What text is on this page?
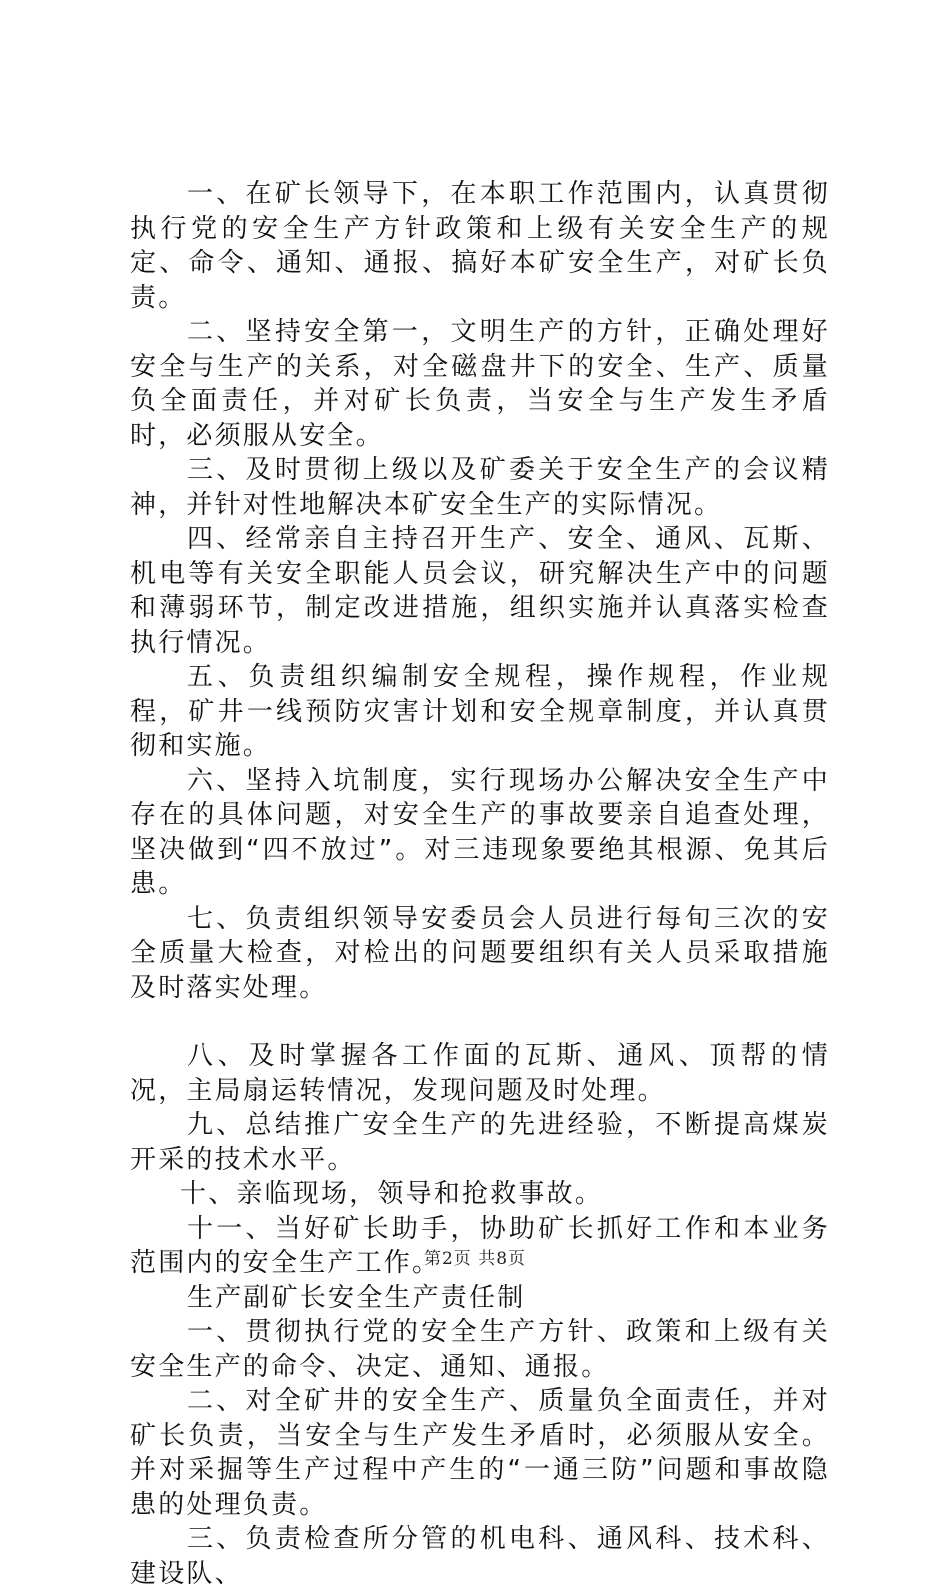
一、在矿长领导下，在本职工作范围内，认真贯彻执行党的安全生产方针政策和上级有关安全生产的规定、命令、通知、通报、搞好本矿安全生产，对矿长负责。

二、坚持安全第一，文明生产的方针，正确处理好安全与生产的关系，对全磁盘井下的安全、生产、质量负全面责任，并对矿长负责，当安全与生产发生矛盾时，必须服从安全。

三、及时贯彻上级以及矿委关于安全生产的会议精神，并针对性地解决本矿安全生产的实际情况。

四、经常亲自主持召开生产、安全、通风、瓦斯、机电等有关安全职能人员会议，研究解决生产中的问题和薄弱环节，制定改进措施，组织实施并认真落实检查执行情况。

五、负责组织编制安全规程，操作规程，作业规程，矿井一线预防灾害计划和安全规章制度，并认真贯彻和实施。

六、坚持入坑制度，实行现场办公解决安全生产中存在的具体问题，对安全生产的事故要亲自追查处理，坚决做到“四不放过”。对三违现象要绝其根源、免其后患。

七、负责组织领导安委员会人员进行每旬三次的安全质量大检查，对检出的问题要组织有关人员采取措施及时落实处理。

八、及时掌握各工作面的瓦斯、通风、顶帮的情况，主局扇运转情况，发现问题及时处理。

九、总结推广安全生产的先进经验，不断提高煤炭开采的技术水平。

十、亲临现场，领导和抢救事故。

十一、当好矿长助手，协助矿长抓好工作和本业务范围内的安全生产工作。

生产副矿长安全生产责任制

一、贯彻执行党的安全生产方针、政策和上级有关安全生产的命令、决定、通知、通报。

二、对全矿井的安全生产、质量负全面责任，并对矿长负责，当安全与生产发生矛盾时，必须服从安全。并对采掘等生产过程中产生的“一通三防”问题和事故隐患的处理负责。

三、负责检查所分管的机电科、通风科、技术科、建设队、

第2页 共8页
